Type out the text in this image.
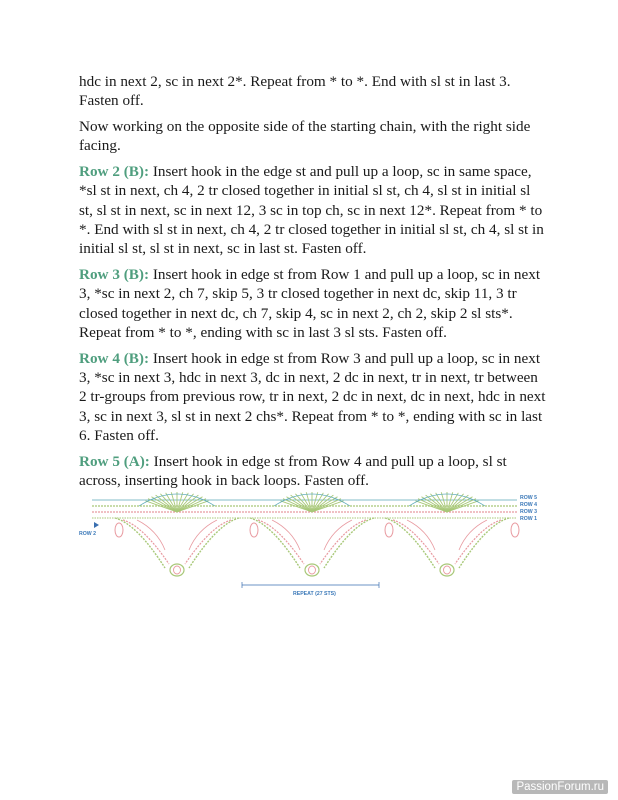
hdc in next 2, sc in next 2*. Repeat from * to *. End with sl st in last 3. Fasten off.

Now working on the opposite side of the starting chain, with the right side facing.

Row 2 (B): Insert hook in the edge st and pull up a loop, sc in same space, *sl st in next, ch 4, 2 tr closed together in initial sl st, ch 4, sl st in initial sl st, sl st in next, sc in next 12, 3 sc in top ch, sc in next 12*. Repeat from * to *. End with sl st in next, ch 4, 2 tr closed together in initial sl st, ch 4, sl st in initial sl st, sl st in next, sc in last st. Fasten off.

Row 3 (B): Insert hook in edge st from Row 1 and pull up a loop, sc in next 3, *sc in next 2, ch 7, skip 5, 3 tr closed together in next dc, skip 11, 3 tr closed together in next dc, ch 7, skip 4, sc in next 2, ch 2, skip 2 sl sts*. Repeat from * to *, ending with sc in last 3 sl sts. Fasten off.

Row 4 (B): Insert hook in edge st from Row 3 and pull up a loop, sc in next 3, *sc in next 3, hdc in next 3, dc in next, 2 dc in next, tr in next, tr between 2 tr-groups from previous row, tr in next, 2 dc in next, dc in next, hdc in next 3, sc in next 3, sl st in next 2 chs*. Repeat from * to *, ending with sc in last 6. Fasten off.

Row 5 (A): Insert hook in edge st from Row 4 and pull up a loop, sl st across, inserting hook in back loops. Fasten off.

ROW 5
ROW 4
ROW 3
ROW 1
ROW 2
REPEAT (27 STS)
PassionForum.ru
